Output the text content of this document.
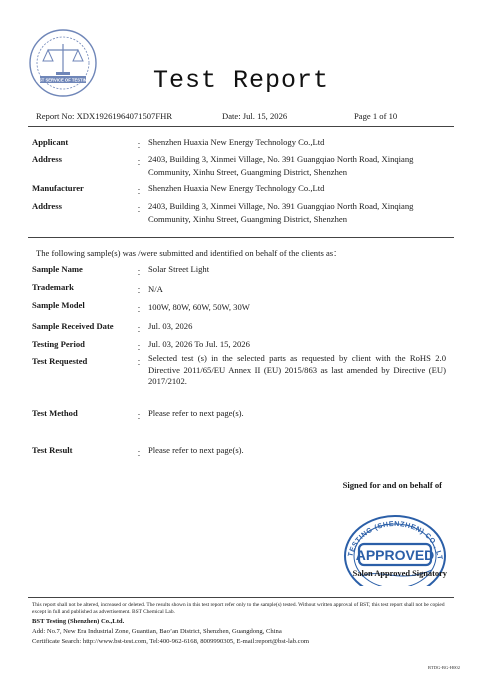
BST SERVICE OF TESTING	Test Report
Report No: XDX19261964071507FHR	Date: Jul. 15, 2026	Page 1 of 10
Applicant	： Shenzhen Huaxia New Energy Technology Co.,Ltd
Address	： 2403, Building 3, Xinmei Village, No. 391 Guangqiao North Road, Xinqiang
Community, Xinhu Street, Guangming District, Shenzhen
Manufacturer	： Shenzhen Huaxia New Energy Technology Co.,Ltd
Address	： 2403, Building 3, Xinmei Village, No. 391 Guangqiao North Road, Xinqiang
Community, Xinhu Street, Guangming District, Shenzhen
The following sample(s) was /were submitted and identified on behalf of the clients as：
Sample Name	： Solar Street Light
Trademark	： N/A
Sample Model	： 100W, 80W, 60W, 50W, 30W
Sample Received Date	： Jul. 03, 2026
Testing Period	： Jul. 03, 2026 To Jul. 15, 2026
Test Requested	： Selected test (s) in the selected parts as requested by client with the RoHS 2.0 Directive 2011/65/EU Annex II (EU) 2015/863 as last amended by Directive (EU) 2017/2102.
Test Method	： Please refer to next page(s).
Test Result	： Please refer to next page(s).
Signed for and on behalf of
TESTING (SHENZHEN) CO., LT
APPROVED
Salon Approved Signatory
This report shall not be altered, increased or deleted. The results shown in this test report refer only to the sample(s) tested. Without written approval of BST, this test report shall not be copied except in full and published as advertisement. BST Chemical Lab.
BST Testing (Shenzhen) Co.,Ltd.
Add: No.7, New Era Industrial Zone, Guantian, Bao’an District, Shenzhen, Guangdong, China
Certificate Search: http://www.bst-test.com, Tel:400-962-6168, 8009990305, E-mail:report@bst-lab.com
BTDG-BG-H002
